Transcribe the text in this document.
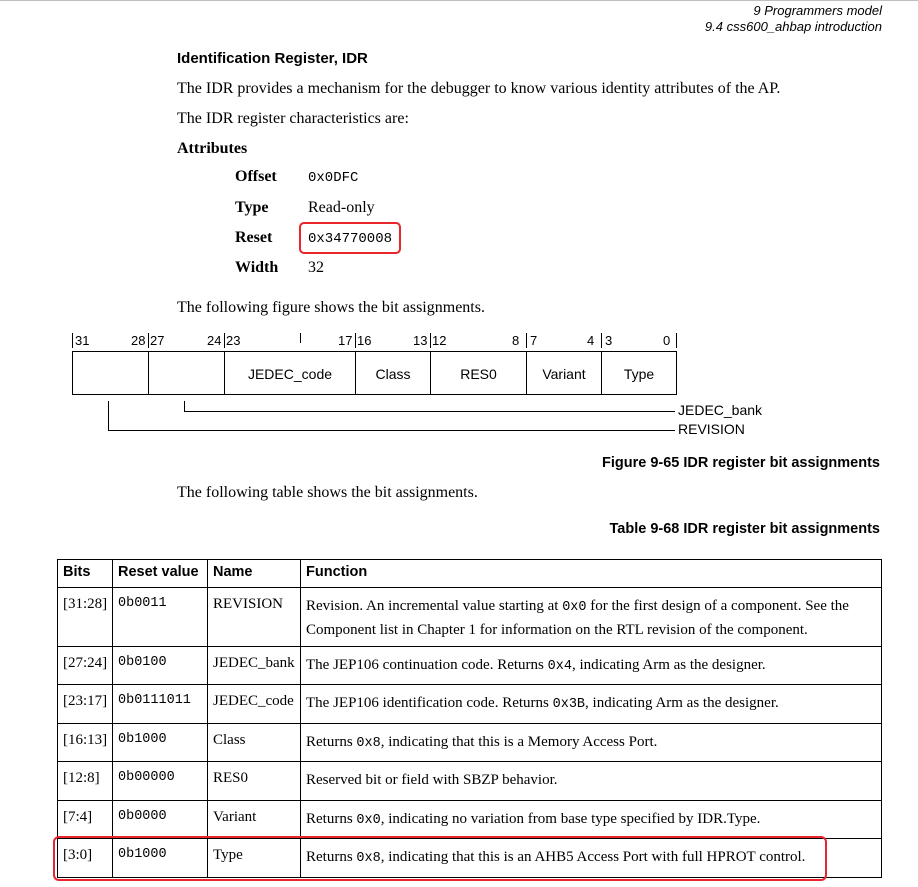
9 Programmers model
9.4 css600_ahbap introduction
Identification Register, IDR
The IDR provides a mechanism for the debugger to know various identity attributes of the AP.
The IDR register characteristics are:
Attributes
Offset 0x0DFC
Type Read-only
Reset	0x34770008
Width 32
The following figure shows the bit assignments.
31	28 27	24 23	17 16	13 12	8 7	4 3	0
JEDEC_code	Class	RES0	Variant	Type
JEDEC_bank
REVISION
Figure 9-65 IDR register bit assignments
The following table shows the bit assignments.
Table 9-68 IDR register bit assignments
Bits	Reset value	Name	Function
[31:28]	0b0011	REVISION	Revision. An incremental value starting at 0x0 for the first design of a component. See the Component list in Chapter 1 for information on the RTL revision of the component.
[27:24]	0b0100	JEDEC_bank	The JEP106 continuation code. Returns 0x4, indicating Arm as the designer.
[23:17]	0b0111011	JEDEC_code	The JEP106 identification code. Returns 0x3B, indicating Arm as the designer.
[16:13]	0b1000	Class	Returns 0x8, indicating that this is a Memory Access Port.
[12:8]	0b00000	RES0	Reserved bit or field with SBZP behavior.
[7:4]	0b0000	Variant	Returns 0x0, indicating no variation from base type specified by IDR.Type.
[3:0]	0b1000	Type	Returns 0x8, indicating that this is an AHB5 Access Port with full HPROT control.
